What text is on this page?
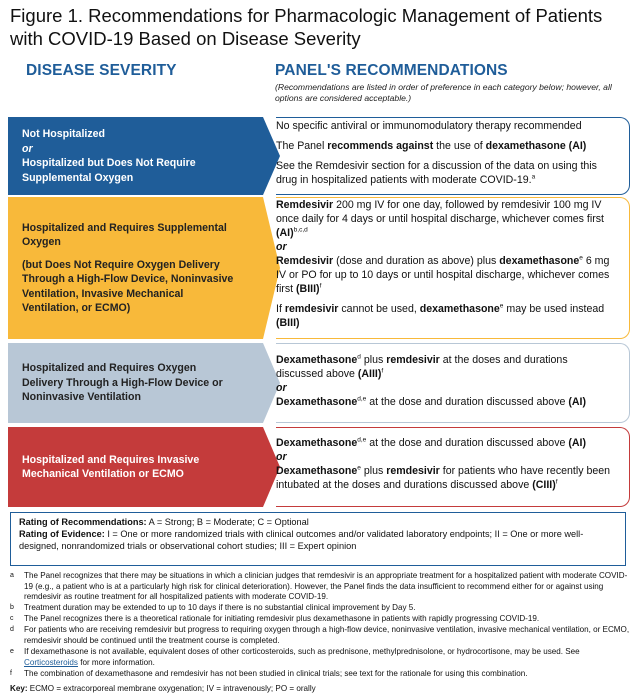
Figure 1. Recommendations for Pharmacologic Management of Patients with COVID-19 Based on Disease Severity
DISEASE SEVERITY	PANEL'S RECOMMENDATIONS
(Recommendations are listed in order of preference in each category below; however, all options are considered acceptable.)
Not Hospitalized
or
Hospitalized but Does Not Require Supplemental Oxygen

No specific antiviral or immunomodulatory therapy recommended

The Panel recommends against the use of dexamethasone (AI)

See the Remdesivir section for a discussion of the data on using this drug in hospitalized patients with moderate COVID-19.$^a$

Hospitalized and Requires Supplemental Oxygen
(but Does Not Require Oxygen Delivery Through a High-Flow Device, Noninvasive Ventilation, Invasive Mechanical Ventilation, or ECMO)

Remdesivir 200 mg IV for one day, followed by remdesivir 100 mg IV once daily for 4 days or until hospital discharge, whichever comes first (AI)$^{b,c,d}$

or

Remdesivir (dose and duration as above) plus dexamethasone$^e$ 6 mg IV or PO for up to 10 days or until hospital discharge, whichever comes first (BIII)$^f$

If remdesivir cannot be used, dexamethasone$^e$ may be used instead (BIII)

Hospitalized and Requires Oxygen Delivery Through a High-Flow Device or Noninvasive Ventilation

Dexamethasone$^d$ plus remdesivir at the doses and durations discussed above (AIII)$^f$

or

Dexamethasone$^{d,e}$ at the dose and duration discussed above (AI)

Hospitalized and Requires Invasive Mechanical Ventilation or ECMO

Dexamethasone$^{d,e}$ at the dose and duration discussed above (AI)

or

Dexamethasone$^e$ plus remdesivir for patients who have recently been intubated at the doses and durations discussed above (CIII)$^f$

Rating of Recommendations: A = Strong; B = Moderate; C = Optional
Rating of Evidence: I = One or more randomized trials with clinical outcomes and/or validated laboratory endpoints; II = One or more well-designed, nonrandomized trials or observational cohort studies; III = Expert opinion
a The Panel recognizes that there may be situations in which a clinician judges that remdesivir is an appropriate treatment for a hospitalized patient with moderate COVID-19 (e.g., a patient who is at a particularly high risk for clinical deterioration). However, the Panel finds the data insufficient to recommend either for or against using remdesivir as routine treatment for all hospitalized patients with moderate COVID-19.
b Treatment duration may be extended to up to 10 days if there is no substantial clinical improvement by Day 5.
c The Panel recognizes there is a theoretical rationale for initiating remdesivir plus dexamethasone in patients with rapidly progressing COVID-19.
d For patients who are receiving remdesivir but progress to requiring oxygen through a high-flow device, noninvasive ventilation, invasive mechanical ventilation, or ECMO, remdesivir should be continued until the treatment course is completed.
e If dexamethasone is not available, equivalent doses of other corticosteroids, such as prednisone, methylprednisolone, or hydrocortisone, may be used. See Corticosteroids for more information.
f The combination of dexamethasone and remdesivir has not been studied in clinical trials; see text for the rationale for using this combination.
Key: ECMO = extracorporeal membrane oxygenation; IV = intravenously; PO = orally
